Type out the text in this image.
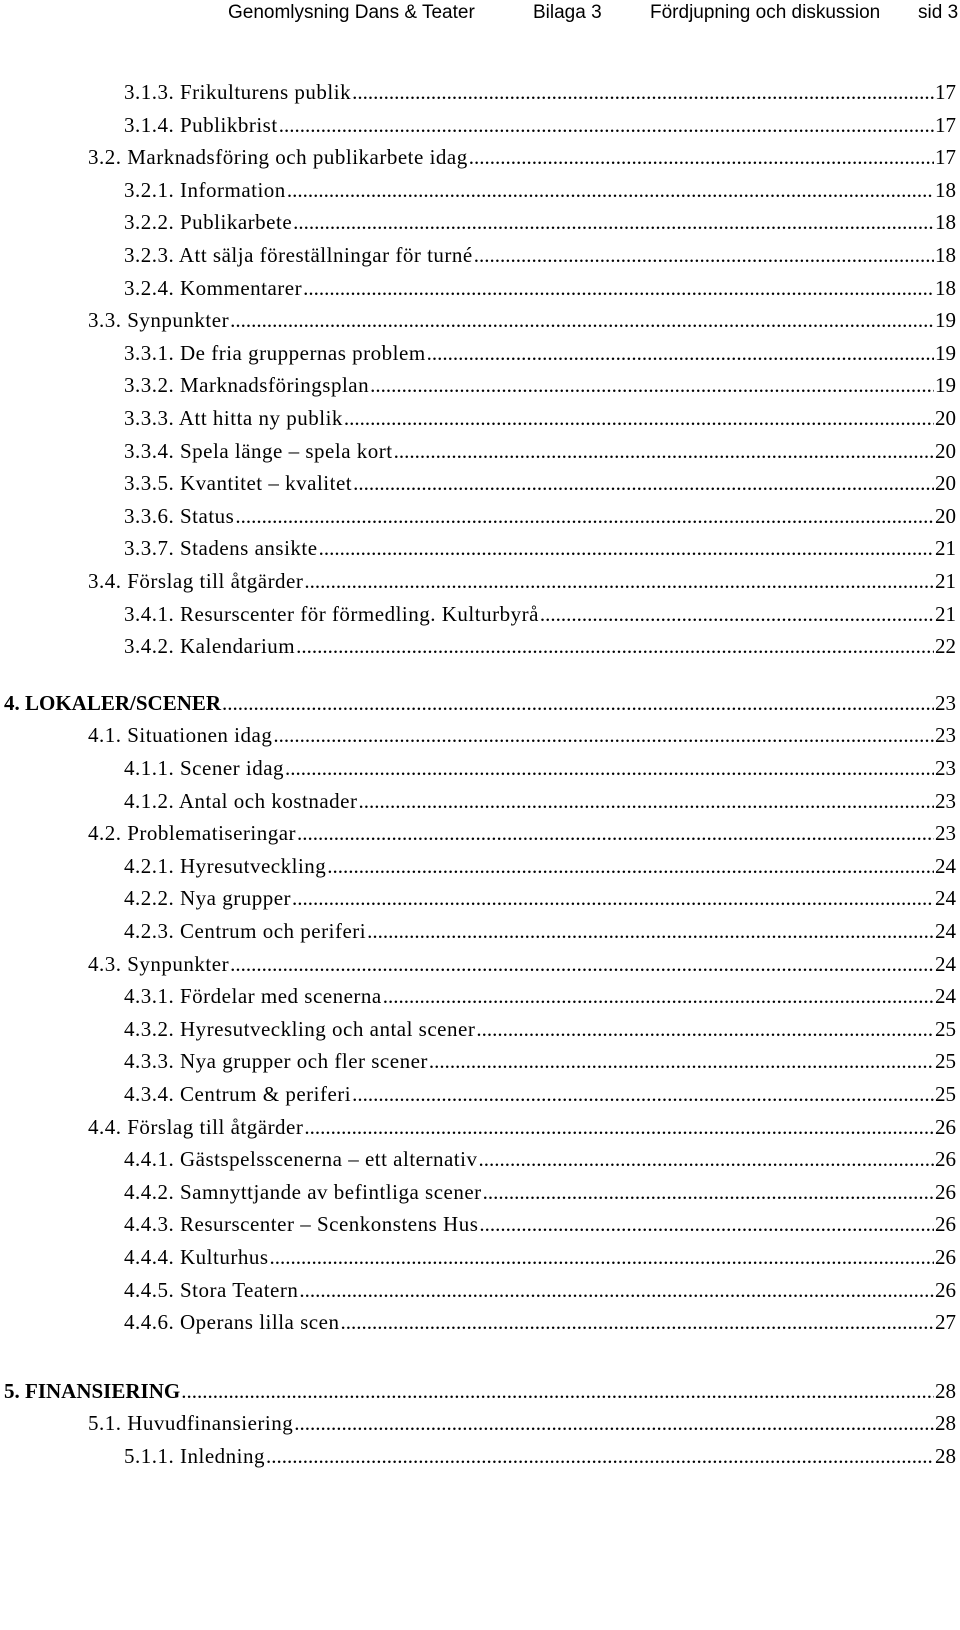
Genomlysning Dans & Teater	Bilaga 3	Fördjupning och diskussion sid 3
3.1.3. Frikulturens publik .....	17
3.1.4. Publikbrist .....	17
3.2. Marknadsföring och publikarbete idag .....	17
3.2.1. Information .....	18
3.2.2. Publikarbete .....	18
3.2.3. Att sälja föreställningar för turné .....	18
3.2.4. Kommentarer .....	18
3.3. Synpunkter .....	19
3.3.1. De fria gruppernas problem .....	19
3.3.2. Marknadsföringsplan .....	19
3.3.3. Att hitta ny publik .....	20
3.3.4. Spela länge – spela kort .....	20
3.3.5. Kvantitet – kvalitet .....	20
3.3.6. Status .....	20
3.3.7. Stadens ansikte .....	21
3.4. Förslag till åtgärder .....	21
3.4.1. Resurscenter för förmedling. Kulturbyrå .....	21
3.4.2. Kalendarium .....	22
4. LOKALER/SCENER .....	23
4.1. Situationen idag .....	23
4.1.1. Scener idag .....	23
4.1.2. Antal och kostnader .....	23
4.2. Problematiseringar .....	23
4.2.1. Hyresutveckling .....	24
4.2.2. Nya grupper .....	24
4.2.3. Centrum och periferi .....	24
4.3. Synpunkter .....	24
4.3.1. Fördelar med scenerna .....	24
4.3.2. Hyresutveckling och antal scener .....	25
4.3.3. Nya grupper och fler scener .....	25
4.3.4. Centrum & periferi .....	25
4.4. Förslag till åtgärder .....	26
4.4.1. Gästspelsscenerna – ett alternativ .....	26
4.4.2. Samnyttjande av befintliga scener .....	26
4.4.3. Resurscenter – Scenkonstens Hus .....	26
4.4.4. Kulturhus .....	26
4.4.5. Stora Teatern .....	26
4.4.6. Operans lilla scen .....	27
5. FINANSIERING .....	28
5.1. Huvudfinansiering .....	28
5.1.1. Inledning .....	28
